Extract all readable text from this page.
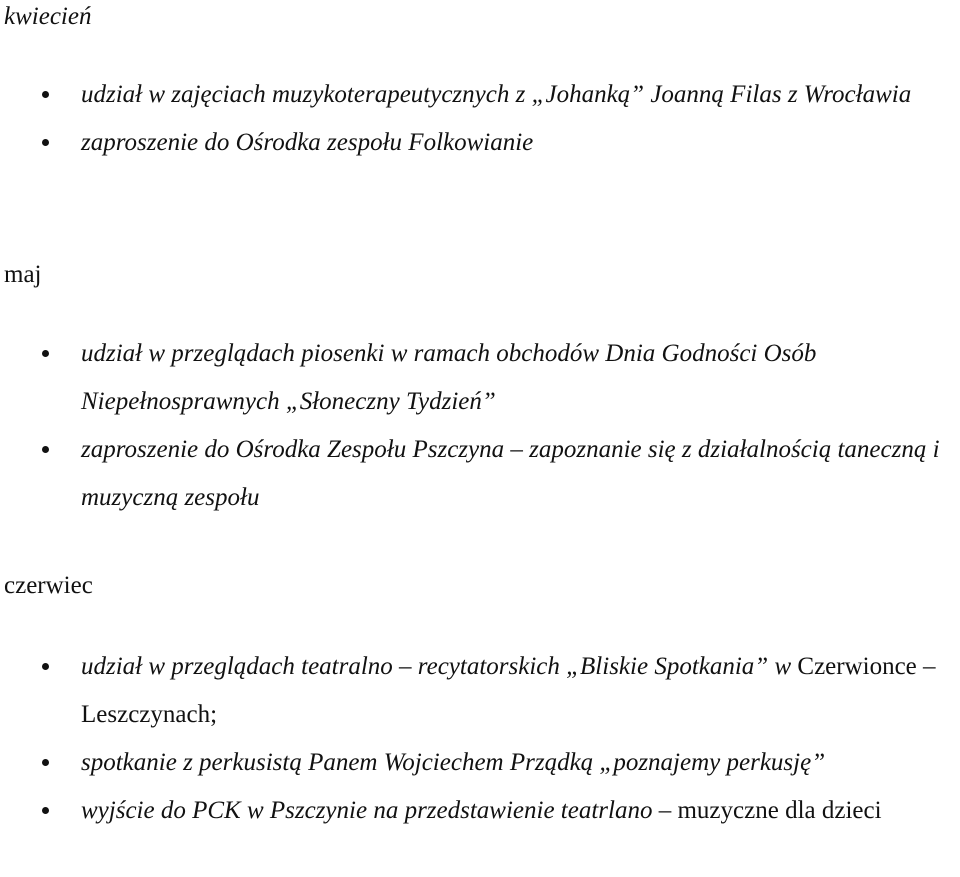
kwiecień
udział w zajęciach muzykoterapeutycznych z „Johanką” Joanną Filas z Wrocławia
zaproszenie do Ośrodka zespołu Folkowianie
maj
udział w przeglądach piosenki w ramach obchodów Dnia Godności Osób Niepełnosprawnych „Słoneczny Tydzień”
zaproszenie do Ośrodka Zespołu Pszczyna – zapoznanie się z działalnością taneczną i muzyczną zespołu
czerwiec
udział w przeglądach teatralno – recytatorskich „Bliskie Spotkania” w Czerwionce – Leszczynach;
spotkanie z perkusistą Panem Wojciechem Prządką „poznajemy perkusję”
wyjście do PCK w Pszczynie na przedstawienie teatrlano – muzyczne dla dzieci
